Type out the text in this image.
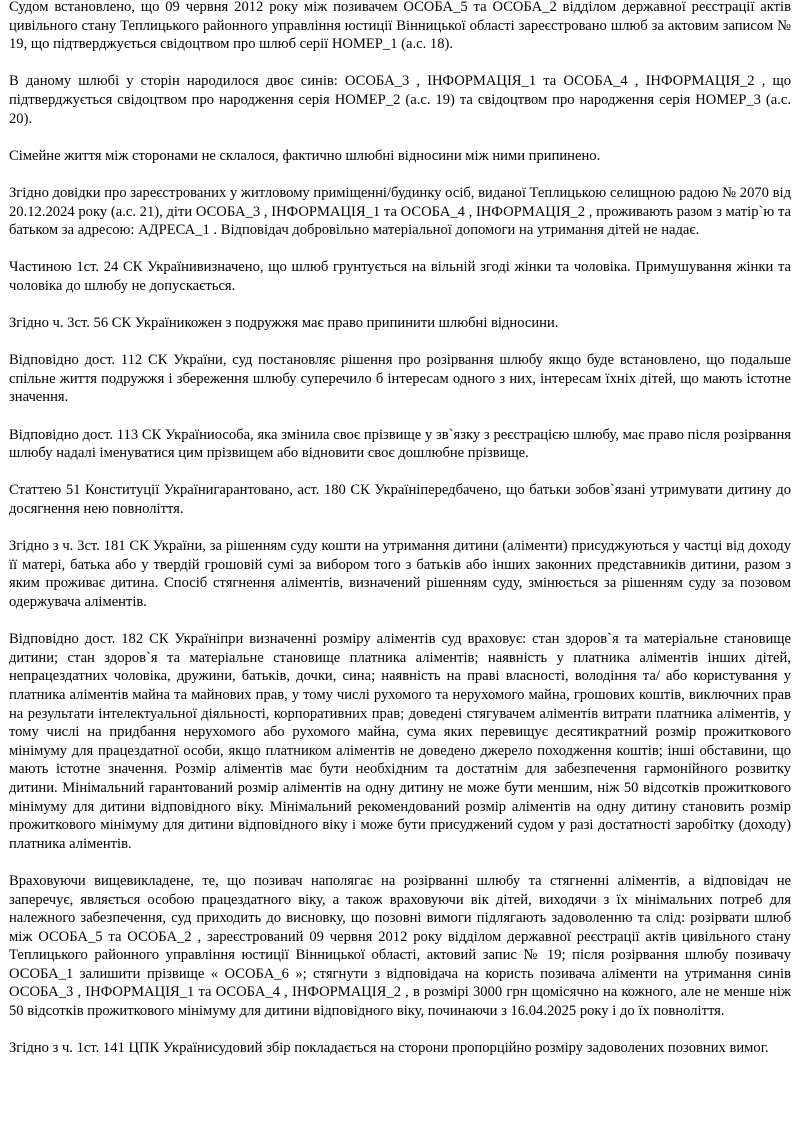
Судом встановлено, що 09 червня 2012 року між позивачем ОСОБА_5 та ОСОБА_2 відділом державної реєстрації актів цивільного стану Теплицького районного управління юстиції Вінницької області зареєстровано шлюб за актовим записом № 19, що підтверджується свідоцтвом про шлюб серії НОМЕР_1 (а.с. 18).

В даному шлюбі у сторін народилося двоє синів: ОСОБА_3 , ІНФОРМАЦІЯ_1 та ОСОБА_4 , ІНФОРМАЦІЯ_2 , що підтверджується свідоцтвом про народження серія НОМЕР_2 (а.с. 19) та свідоцтвом про народження серія НОМЕР_3 (а.с. 20).

Сімейне життя між сторонами не склалося, фактично шлюбні відносини між ними припинено.

Згідно довідки про зареєстрованих у житловому приміщенні/будинку осіб, виданої Теплицькою селищною радою № 2070 від 20.12.2024 року (а.с. 21), діти ОСОБА_3 , ІНФОРМАЦІЯ_1 та ОСОБА_4 , ІНФОРМАЦІЯ_2 , проживають разом з матір`ю та батьком за адресою: АДРЕСА_1 . Відповідач добровільно матеріальної допомоги на утримання дітей не надає.

Частиною 1ст. 24 СК Українивизначено, що шлюб грунтується на вільній згоді жінки та чоловіка. Примушування жінки та чоловіка до шлюбу не допускається.

Згідно ч. 3ст. 56 СК Україникожен з подружжя має право припинити шлюбні відносини.

Відповідно дост. 112 СК України, суд постановляє рішення про розірвання шлюбу якщо буде встановлено, що подальше спільне життя подружжя і збереження шлюбу суперечило б інтересам одного з них, інтересам їхніх дітей, що мають істотне значення.

Відповідно дост. 113 СК Україниособа, яка змінила своє прізвище у зв`язку з реєстрацією шлюбу, має право після розірвання шлюбу надалі іменуватися цим прізвищем або відновити своє дошлюбне прізвище.

Статтею 51 Конституції Українигарантовано, аст. 180 СК Україніпередбачено, що батьки зобов`язані утримувати дитину до досягнення нею повноліття.

Згідно з ч. 3ст. 181 СК України, за рішенням суду кошти на утримання дитини (аліменти) присуджуються у частці від доходу її матері, батька або у твердій грошовій сумі за вибором того з батьків або інших законних представників дитини, разом з яким проживає дитина. Спосіб стягнення аліментів, визначений рішенням суду, змінюється за рішенням суду за позовом одержувача аліментів.

Відповідно дост. 182 СК Україніпри визначенні розміру аліментів суд враховує: стан здоров`я та матеріальне становище дитини; стан здоров`я та матеріальне становище платника аліментів; наявність у платника аліментів інших дітей, непрацездатних чоловіка, дружини, батьків, дочки, сина; наявність на праві власності, володіння та/ або користування у платника аліментів майна та майнових прав, у тому числі рухомого та нерухомого майна, грошових коштів, виключних прав на результати інтелектуальної діяльності, корпоративних прав; доведені стягувачем аліментів витрати платника аліментів, у тому числі на придбання нерухомого або рухомого майна, сума яких перевищує десятикратний розмір прожиткового мінімуму для працездатної особи, якщо платником аліментів не доведено джерело походження коштів; інші обставини, що мають істотне значення. Розмір аліментів має бути необхідним та достатнім для забезпечення гармонійного розвитку дитини. Мінімальний гарантований розмір аліментів на одну дитину не може бути меншим, ніж 50 відсотків прожиткового мінімуму для дитини відповідного віку. Мінімальний рекомендований розмір аліментів на одну дитину становить розмір прожиткового мінімуму для дитини відповідного віку і може бути присуджений судом у разі достатності заробітку (доходу) платника аліментів.

Враховуючи вищевикладене, те, що позивач наполягає на розірванні шлюбу та стягненні аліментів, а відповідач не заперечує, являється особою працездатного віку, а також враховуючи вік дітей, виходячи з їх мінімальних потреб для належного забезпечення, суд приходить до висновку, що позовні вимоги підлягають задоволенню та слід: розірвати шлюб між ОСОБА_5 та ОСОБА_2 , зареєстрований 09 червня 2012 року відділом державної реєстрації актів цивільного стану Теплицького районного управління юстиції Вінницької області, актовий запис № 19; після розірвання шлюбу позивачу ОСОБА_1 залишити прізвище « ОСОБА_6 »; стягнути з відповідача на користь позивача аліменти на утримання синів ОСОБА_3 , ІНФОРМАЦІЯ_1 та ОСОБА_4 , ІНФОРМАЦІЯ_2 , в розмірі 3000 грн щомісячно на кожного, але не менше ніж 50 відсотків прожиткового мінімуму для дитини відповідного віку, починаючи з 16.04.2025 року і до їх повноліття.

Згідно з ч. 1ст. 141 ЦПК Українисудовий збір покладається на сторони пропорційно розміру задоволених позовних вимог.
